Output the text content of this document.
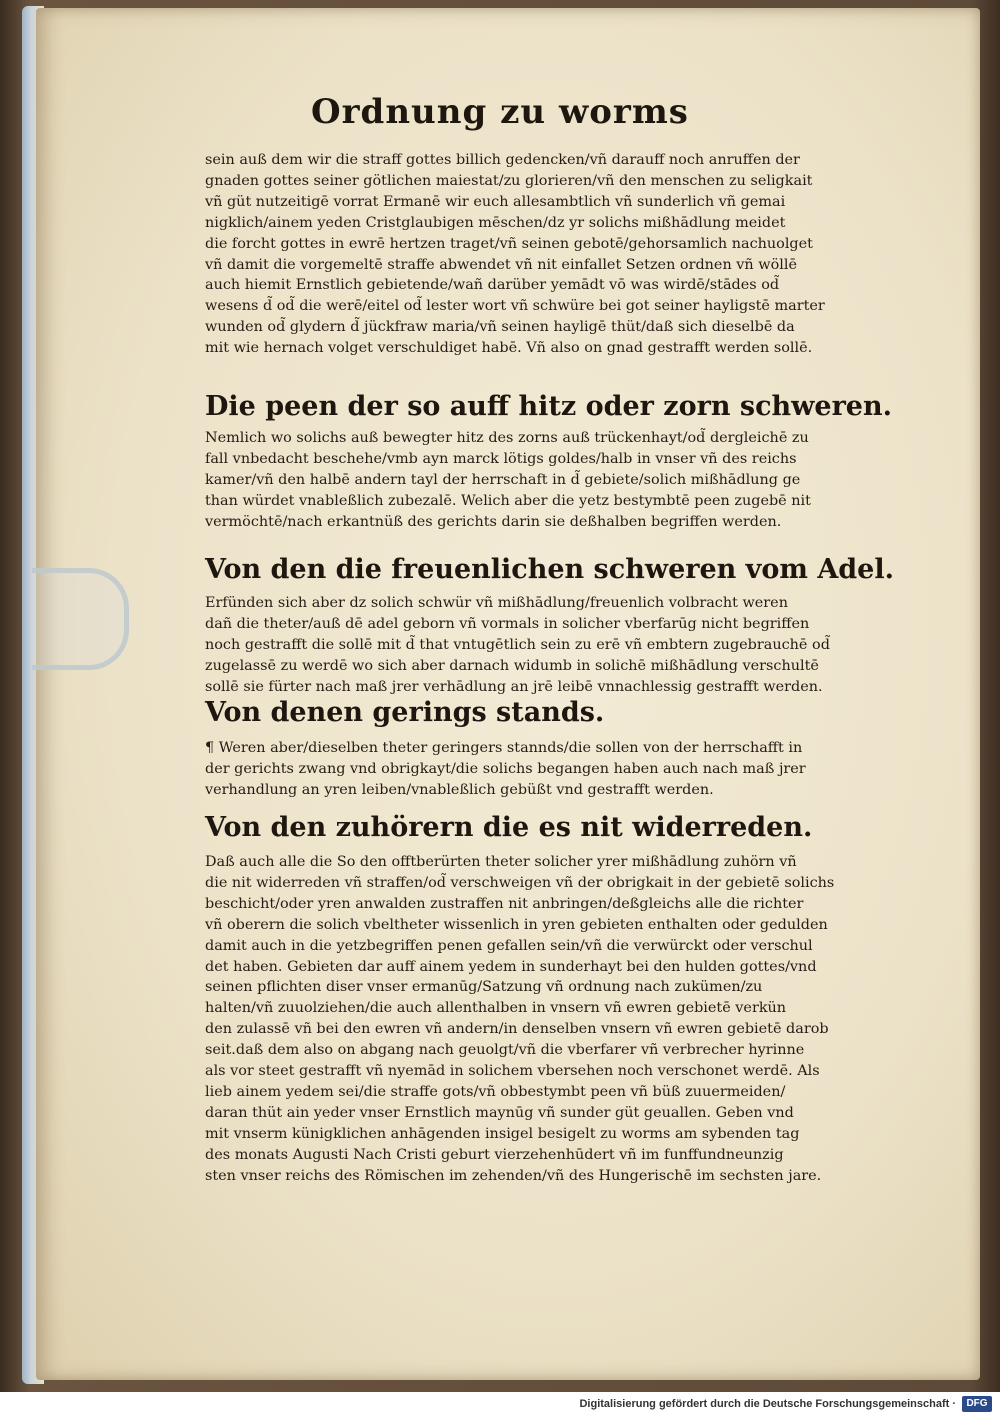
Ordnung zu worms

sein auß dem wir die straff gottes billich gedencken/vñ darauff noch anruffen der

gnaden gottes seiner götlichen maiestat/zu glorieren/vñ den menschen zu seligkait

vñ güt nutzeitigē vorrat Ermanē wir euch allesambtlich vñ sunderlich vñ gemai

nigklich/ainem yeden Cristglaubigen mēschen/dz yr solichs mißhādlung meidet

die forcht gottes in ewrē hertzen traget/vñ seinen gebotē/gehorsamlich nachuolget

vñ damit die vorgemeltē straffe abwendet vñ nit einfallet Setzen ordnen vñ wöllē

auch hiemit Ernstlich gebietende/wañ darüber yemādt vō was wirdē/stādes od̃

wesens d̃ od̃ die werē/eitel od̃ lester wort vñ schwüre bei got seiner hayligstē marter

wunden od̃ glydern d̃ jückfraw maria/vñ seinen hayligē thüt/daß sich dieselbē da

mit wie hernach volget verschuldiget habē. Vñ also on gnad gestrafft werden sollē.

Die peen der so auff hitz oder zorn schweren.

Nemlich wo solichs auß bewegter hitz des zorns auß trückenhayt/od̃ dergleichē zu

fall vnbedacht beschehe/vmb ayn marck lötigs goldes/halb in vnser vñ des reichs

kamer/vñ den halbē andern tayl der herrschaft in d̃ gebiete/solich mißhādlung ge

than würdet vnableßlich zubezalē. Welich aber die yetz bestymbtē peen zugebē nit

vermöchtē/nach erkantnüß des gerichts darin sie deßhalben begriffen werden.

Von den die freuenlichen schweren vom Adel.

Erfünden sich aber dz solich schwür vñ mißhādlung/freuenlich volbracht weren

dañ die theter/auß dē adel geborn vñ vormals in solicher vberfarūg nicht begriffen

noch gestrafft die sollē mit d̃ that vntugētlich sein zu erē vñ embtern zugebrauchē od̃

zugelassē zu werdē wo sich aber darnach widumb in solichē mißhādlung verschultē

sollē sie fürter nach maß jrer verhādlung an jrē leibē vnnachlessig gestrafft werden.

Von denen gerings stands.

¶ Weren aber/dieselben theter geringers stannds/die sollen von der herrschafft in

der gerichts zwang vnd obrigkayt/die solichs begangen haben auch nach maß jrer

verhandlung an yren leiben/vnableßlich gebüßt vnd gestrafft werden.

Von den zuhörern die es nit widerreden.

Daß auch alle die So den offtberürten theter solicher yrer mißhādlung zuhörn vñ

die nit widerreden vñ straffen/od̃ verschweigen vñ der obrigkait in der gebietē solichs

beschicht/oder yren anwalden zustraffen nit anbringen/deßgleichs alle die richter

vñ oberern die solich vbeltheter wissenlich in yren gebieten enthalten oder gedulden

damit auch in die yetzbegriffen penen gefallen sein/vñ die verwürckt oder verschul

det haben. Gebieten dar auff ainem yedem in sunderhayt bei den hulden gottes/vnd

seinen pflichten diser vnser ermanūg/Satzung vñ ordnung nach zukümen/zu

halten/vñ zuuolziehen/die auch allenthalben in vnsern vñ ewren gebietē verkün

den zulassē vñ bei den ewren vñ andern/in denselben vnsern vñ ewren gebietē darob

seit.daß dem also on abgang nach geuolgt/vñ die vberfarer vñ verbrecher hyrinne

als vor steet gestrafft vñ nyemād in solichem vbersehen noch verschonet werdē. Als

lieb ainem yedem sei/die straffe gots/vñ obbestymbt peen vñ büß zuuermeiden/

daran thüt ain yeder vnser Ernstlich maynūg vñ sunder güt geuallen. Geben vnd

mit vnserm künigklichen anhāgenden insigel besigelt zu worms am sybenden tag

des monats Augusti Nach Cristi geburt vierzehenhūdert vñ im funffundneunzig

sten vnser reichs des Römischen im zehenden/vñ des Hungerischē im sechsten jare.

Digitalisierung gefördert durch die Deutsche Forschungsgemeinschaft ·	DFG
